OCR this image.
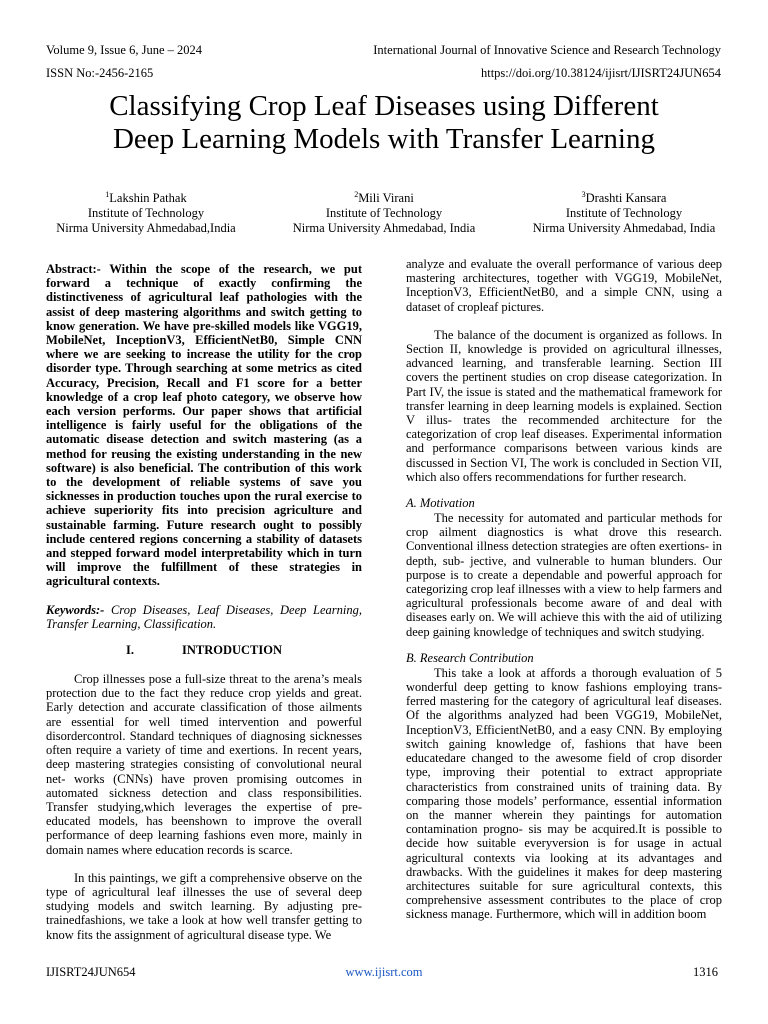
Volume 9, Issue 6, June – 2024	International Journal of Innovative Science and Research Technology
ISSN No:-2456-2165	https://doi.org/10.38124/ijisrt/IJISRT24JUN654
Classifying Crop Leaf Diseases using Different
Deep Learning Models with Transfer Learning
$^1$Lakshin Pathak
Institute of Technology
Nirma University Ahmedabad,India
$^2$Mili Virani
Institute of Technology
Nirma University Ahmedabad, India
$^3$Drashti Kansara
Institute of Technology
Nirma University Ahmedabad, India

Abstract:- Within the scope of the research, we put forward a technique of exactly confirming the distinctiveness of agricultural leaf pathologies with the assist of deep mastering algorithms and switch getting to know generation. We have pre-skilled models like VGG19, MobileNet, InceptionV3, EfficientNetB0, Simple CNN where we are seeking to increase the utility for the crop disorder type. Through searching at some metrics as cited Accuracy, Precision, Recall and F1 score for a better knowledge of a crop leaf photo category, we observe how each version performs. Our paper shows that artificial intelligence is fairly useful for the obligations of the automatic disease detection and switch mastering (as a method for reusing the existing understanding in the new software) is also beneficial. The contribution of this work to the development of reliable systems of save you sicknesses in production touches upon the rural exercise to achieve superiority fits into precision agriculture and sustainable farming. Future research ought to possibly include centered regions concerning a stability of datasets and stepped forward model interpretability which in turn will improve the fulfillment of these strategies in agricultural contexts.

Keywords:- Crop Diseases, Leaf Diseases, Deep Learning, Transfer Learning, Classification.

I.	INTRODUCTION

Crop illnesses pose a full-size threat to the arena’s meals protection due to the fact they reduce crop yields and great. Early detection and accurate classification of those ailments are essential for well timed intervention and powerful disordercontrol. Standard techniques of diagnosing sicknesses often require a variety of time and exertions. In recent years, deep mastering strategies consisting of convolutional neural net- works (CNNs) have proven promising outcomes in automated sickness detection and class responsibilities. Transfer studying,which leverages the expertise of pre-educated models, has beenshown to improve the overall performance of deep learning fashions even more, mainly in domain names where education records is scarce.

In this paintings, we gift a comprehensive observe on the type of agricultural leaf illnesses the use of several deep studying models and switch learning. By adjusting pre-trainedfashions, we take a look at how well transfer getting to know fits the assignment of agricultural disease type. We

analyze and evaluate the overall performance of various deep mastering architectures, together with VGG19, MobileNet, InceptionV3, EfficientNetB0, and a simple CNN, using a dataset of cropleaf pictures.

The balance of the document is organized as follows. In Section II, knowledge is provided on agricultural illnesses, advanced learning, and transferable learning. Section III covers the pertinent studies on crop disease categorization. In Part IV, the issue is stated and the mathematical framework for transfer learning in deep learning models is explained. Section V illus- trates the recommended architecture for the categorization of crop leaf diseases. Experimental information and performance comparisons between various kinds are discussed in Section VI, The work is concluded in Section VII, which also offers recommendations for further research.

A. Motivation

The necessity for automated and particular methods for crop ailment diagnostics is what drove this research. Conventional illness detection strategies are often exertions- in depth, sub- jective, and vulnerable to human blunders. Our purpose is to create a dependable and powerful approach for categorizing crop leaf illnesses with a view to help farmers and agricultural professionals become aware of and deal with diseases early on. We will achieve this with the aid of utilizing deep gaining knowledge of techniques and switch studying.

B. Research Contribution

This take a look at affords a thorough evaluation of 5 wonderful deep getting to know fashions employing trans- ferred mastering for the category of agricultural leaf diseases. Of the algorithms analyzed had been VGG19, MobileNet, InceptionV3, EfficientNetB0, and a easy CNN. By employing switch gaining knowledge of, fashions that have been educatedare changed to the awesome field of crop disorder type, improving their potential to extract appropriate characteristics from constrained units of training data. By comparing those models’ performance, essential information on the manner wherein they paintings for automation contamination progno- sis may be acquired.It is possible to decide how suitable everyversion is for usage in actual agricultural contexts via looking at its advantages and drawbacks. With the guidelines it makes for deep mastering architectures suitable for sure agricultural contexts, this comprehensive assessment contributes to the place of crop sickness manage. Furthermore, which will in addition boom

IJISRT24JUN654	www.ijisrt.com	1316
